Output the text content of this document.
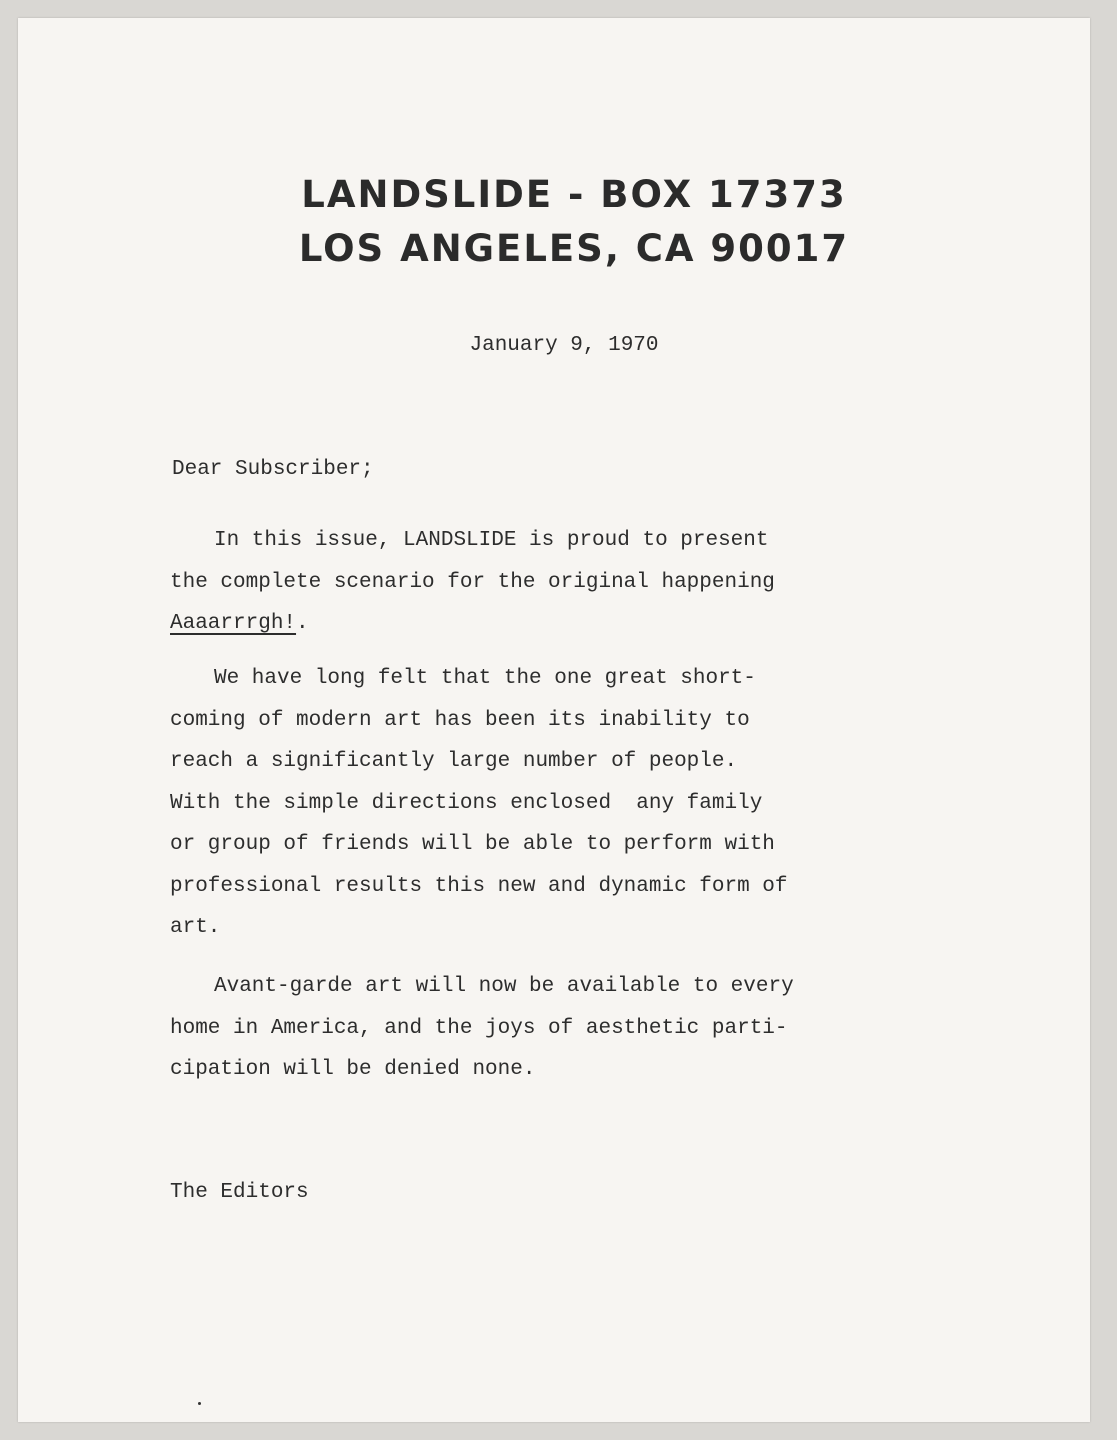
LANDSLIDE - BOX 17373
LOS ANGELES, CA 90017
January 9, 1970
Dear Subscriber;

In this issue, LANDSLIDE is proud to present

the complete scenario for the original happening

Aaaarrrgh!.

We have long felt that the one great short-

coming of modern art has been its inability to

reach a significantly large number of people.

With the simple directions enclosed  any family

or group of friends will be able to perform with

professional results this new and dynamic form of

art.

Avant-garde art will now be available to every

home in America, and the joys of aesthetic parti-

cipation will be denied none.

The Editors
